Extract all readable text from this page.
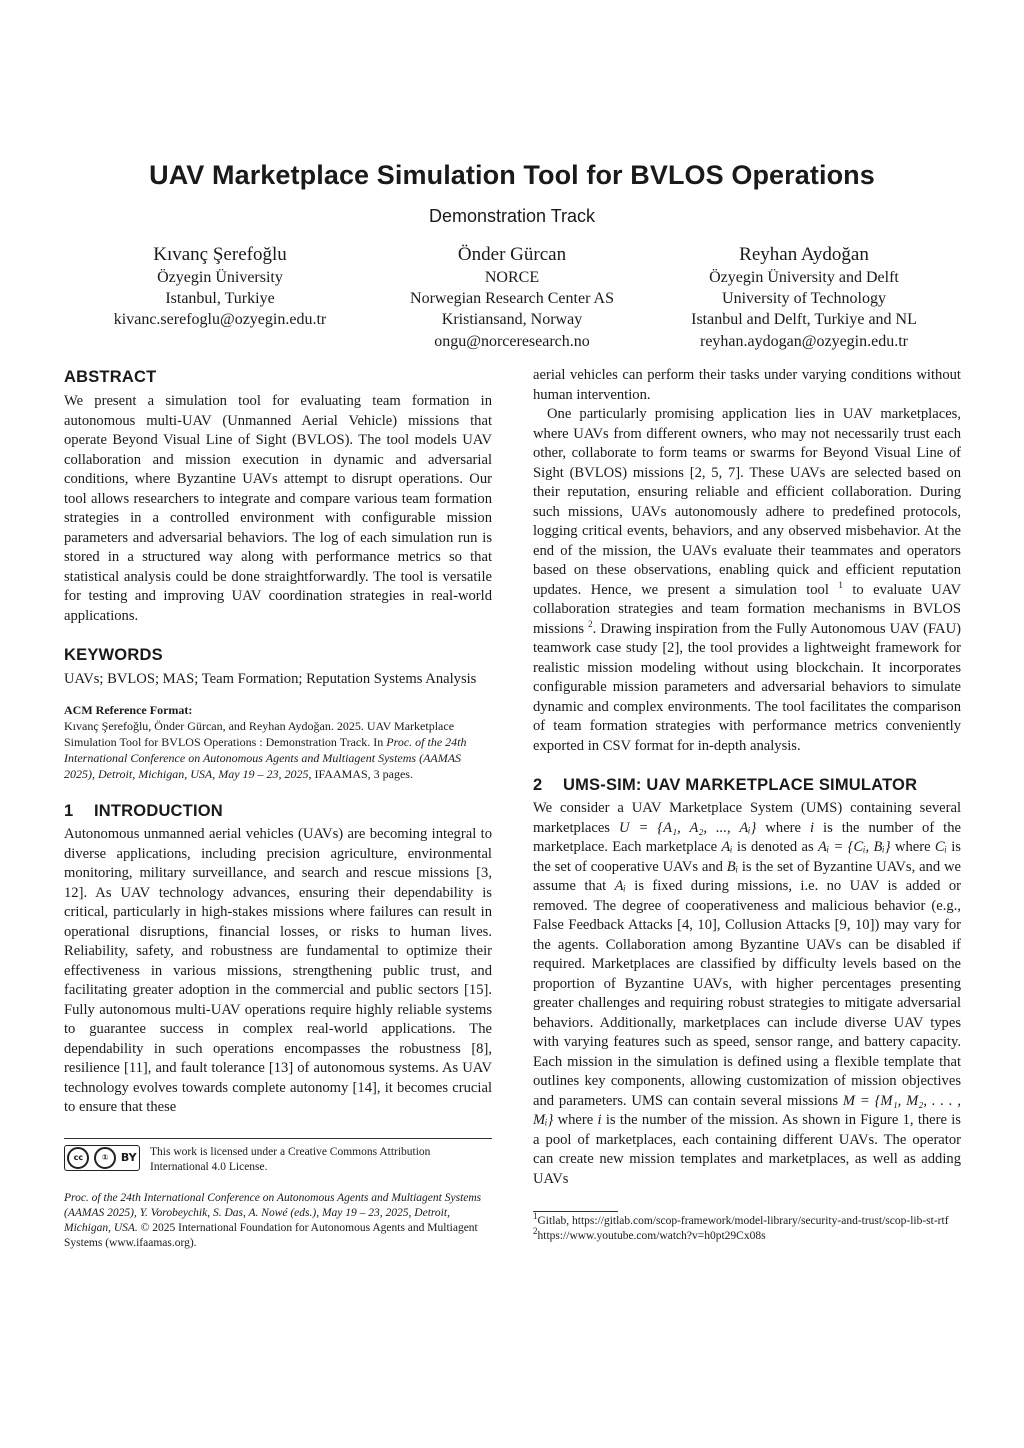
UAV Marketplace Simulation Tool for BVLOS Operations
Demonstration Track
Kıvanç Şerefoğlu
Özyegin Üniversity
Istanbul, Turkiye
kivanc.serefoglu@ozyegin.edu.tr
Önder Gürcan
NORCE
Norwegian Research Center AS
Kristiansand, Norway
ongu@norceresearch.no
Reyhan Aydoğan
Özyegin Üniversity and Delft
University of Technology
Istanbul and Delft, Turkiye and NL
reyhan.aydogan@ozyegin.edu.tr
ABSTRACT

We present a simulation tool for evaluating team formation in autonomous multi-UAV (Unmanned Aerial Vehicle) missions that operate Beyond Visual Line of Sight (BVLOS). The tool models UAV collaboration and mission execution in dynamic and adversarial conditions, where Byzantine UAVs attempt to disrupt operations. Our tool allows researchers to integrate and compare various team formation strategies in a controlled environment with configurable mission parameters and adversarial behaviors. The log of each simulation run is stored in a structured way along with performance metrics so that statistical analysis could be done straightforwardly. The tool is versatile for testing and improving UAV coordination strategies in real-world applications.

KEYWORDS

UAVs; BVLOS; MAS; Team Formation; Reputation Systems Analysis

ACM Reference Format:

Kıvanç Şerefoğlu, Önder Gürcan, and Reyhan Aydoğan. 2025. UAV Marketplace Simulation Tool for BVLOS Operations : Demonstration Track. In Proc. of the 24th International Conference on Autonomous Agents and Multiagent Systems (AAMAS 2025), Detroit, Michigan, USA, May 19 – 23, 2025, IFAAMAS, 3 pages.

1 INTRODUCTION

Autonomous unmanned aerial vehicles (UAVs) are becoming integral to diverse applications, including precision agriculture, environmental monitoring, military surveillance, and search and rescue missions [3, 12]. As UAV technology advances, ensuring their dependability is critical, particularly in high-stakes missions where failures can result in operational disruptions, financial losses, or risks to human lives. Reliability, safety, and robustness are fundamental to optimize their effectiveness in various missions, strengthening public trust, and facilitating greater adoption in the commercial and public sectors [15]. Fully autonomous multi-UAV operations require highly reliable systems to guarantee success in complex real-world applications. The dependability in such operations encompasses the robustness [8], resilience [11], and fault tolerance [13] of autonomous systems. As UAV technology evolves towards complete autonomy [14], it becomes crucial to ensure that these

cc	①	BY This work is licensed under a Creative Commons Attribution International 4.0 License.
Proc. of the 24th International Conference on Autonomous Agents and Multiagent Systems (AAMAS 2025), Y. Vorobeychik, S. Das, A. Nowé (eds.), May 19 – 23, 2025, Detroit, Michigan, USA. © 2025 International Foundation for Autonomous Agents and Multiagent Systems (www.ifaamas.org).

aerial vehicles can perform their tasks under varying conditions without human intervention.

One particularly promising application lies in UAV marketplaces, where UAVs from different owners, who may not necessarily trust each other, collaborate to form teams or swarms for Beyond Visual Line of Sight (BVLOS) missions [2, 5, 7]. These UAVs are selected based on their reputation, ensuring reliable and efficient collaboration. During such missions, UAVs autonomously adhere to predefined protocols, logging critical events, behaviors, and any observed misbehavior. At the end of the mission, the UAVs evaluate their teammates and operators based on these observations, enabling quick and efficient reputation updates. Hence, we present a simulation tool $^1$ to evaluate UAV collaboration strategies and team formation mechanisms in BVLOS missions $^2$. Drawing inspiration from the Fully Autonomous UAV (FAU) teamwork case study [2], the tool provides a lightweight framework for realistic mission modeling without using blockchain. It incorporates configurable mission parameters and adversarial behaviors to simulate dynamic and complex environments. The tool facilitates the comparison of team formation strategies with performance metrics conveniently exported in CSV format for in-depth analysis.

2 UMS-SIM: UAV MARKETPLACE SIMULATOR

We consider a UAV Marketplace System (UMS) containing several marketplaces U = {A₁, A₂, ..., Aᵢ} where i is the number of the marketplace. Each marketplace Aᵢ is denoted as Aᵢ = {Cᵢ, Bᵢ} where Cᵢ is the set of cooperative UAVs and Bᵢ is the set of Byzantine UAVs, and we assume that Aᵢ is fixed during missions, i.e. no UAV is added or removed. The degree of cooperativeness and malicious behavior (e.g., False Feedback Attacks [4, 10], Collusion Attacks [9, 10]) may vary for the agents. Collaboration among Byzantine UAVs can be disabled if required. Marketplaces are classified by difficulty levels based on the proportion of Byzantine UAVs, with higher percentages presenting greater challenges and requiring robust strategies to mitigate adversarial behaviors. Additionally, marketplaces can include diverse UAV types with varying features such as speed, sensor range, and battery capacity. Each mission in the simulation is defined using a flexible template that outlines key components, allowing customization of mission objectives and parameters. UMS can contain several missions M = {M₁, M₂, . . . , Mᵢ} where i is the number of the mission. As shown in Figure 1, there is a pool of marketplaces, each containing different UAVs. The operator can create new mission templates and marketplaces, as well as adding UAVs

$^1$Gitlab, https://gitlab.com/scop-framework/model-library/security-and-trust/scop-lib-st-rtf

$^2$https://www.youtube.com/watch?v=h0pt29Cx08s
